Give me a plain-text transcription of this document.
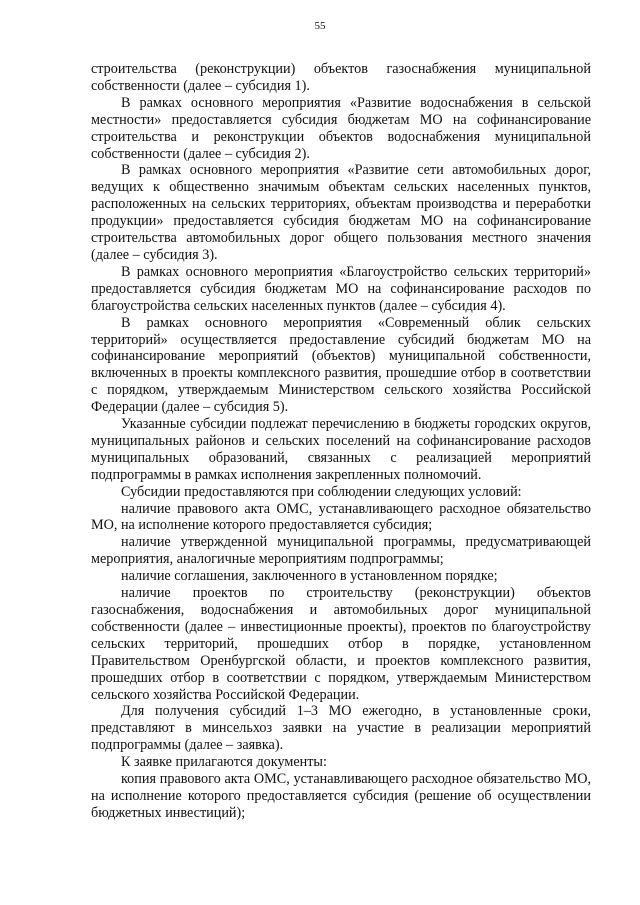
55

строительства (реконструкции) объектов газоснабжения муниципальной собственности (далее – субсидия 1).

В рамках основного мероприятия «Развитие водоснабжения в сельской местности» предоставляется субсидия бюджетам МО на софинансирование строительства и реконструкции объектов водоснабжения муниципальной собственности (далее – субсидия 2).

В рамках основного мероприятия «Развитие сети автомобильных дорог, ведущих к общественно значимым объектам сельских населенных пунктов, расположенных на сельских территориях, объектам производства и переработки продукции» предоставляется субсидия бюджетам МО на софинансирование строительства автомобильных дорог общего пользования местного значения (далее – субсидия 3).

В рамках основного мероприятия «Благоустройство сельских территорий» предоставляется субсидия бюджетам МО на софинансирование расходов по благоустройства сельских населенных пунктов (далее – субсидия 4).

В рамках основного мероприятия «Современный облик сельских территорий» осуществляется предоставление субсидий бюджетам МО на софинансирование мероприятий (объектов) муниципальной собственности, включенных в проекты комплексного развития, прошедшие отбор в соответствии с порядком, утверждаемым Министерством сельского хозяйства Российской Федерации (далее – субсидия 5).

Указанные субсидии подлежат перечислению в бюджеты городских округов, муниципальных районов и сельских поселений на софинансирование расходов муниципальных образований, связанных с реализацией мероприятий подпрограммы в рамках исполнения закрепленных полномочий.

Субсидии предоставляются при соблюдении следующих условий:

наличие правового акта ОМС, устанавливающего расходное обязательство МО, на исполнение которого предоставляется субсидия;

наличие утвержденной муниципальной программы, предусматривающей мероприятия, аналогичные мероприятиям подпрограммы;

наличие соглашения, заключенного в установленном порядке;

наличие проектов по строительству (реконструкции) объектов газоснабжения, водоснабжения и автомобильных дорог муниципальной собственности (далее – инвестиционные проекты), проектов по благоустройству сельских территорий, прошедших отбор в порядке, установленном Правительством Оренбургской области, и проектов комплексного развития, прошедших отбор в соответствии с порядком, утверждаемым Министерством сельского хозяйства Российской Федерации.

Для получения субсидий 1–3 МО ежегодно, в установленные сроки, представляют в минсельхоз заявки на участие в реализации мероприятий подпрограммы (далее – заявка).

К заявке прилагаются документы:

копия правового акта ОМС, устанавливающего расходное обязательство МО, на исполнение которого предоставляется субсидия (решение об осуществлении бюджетных инвестиций);
